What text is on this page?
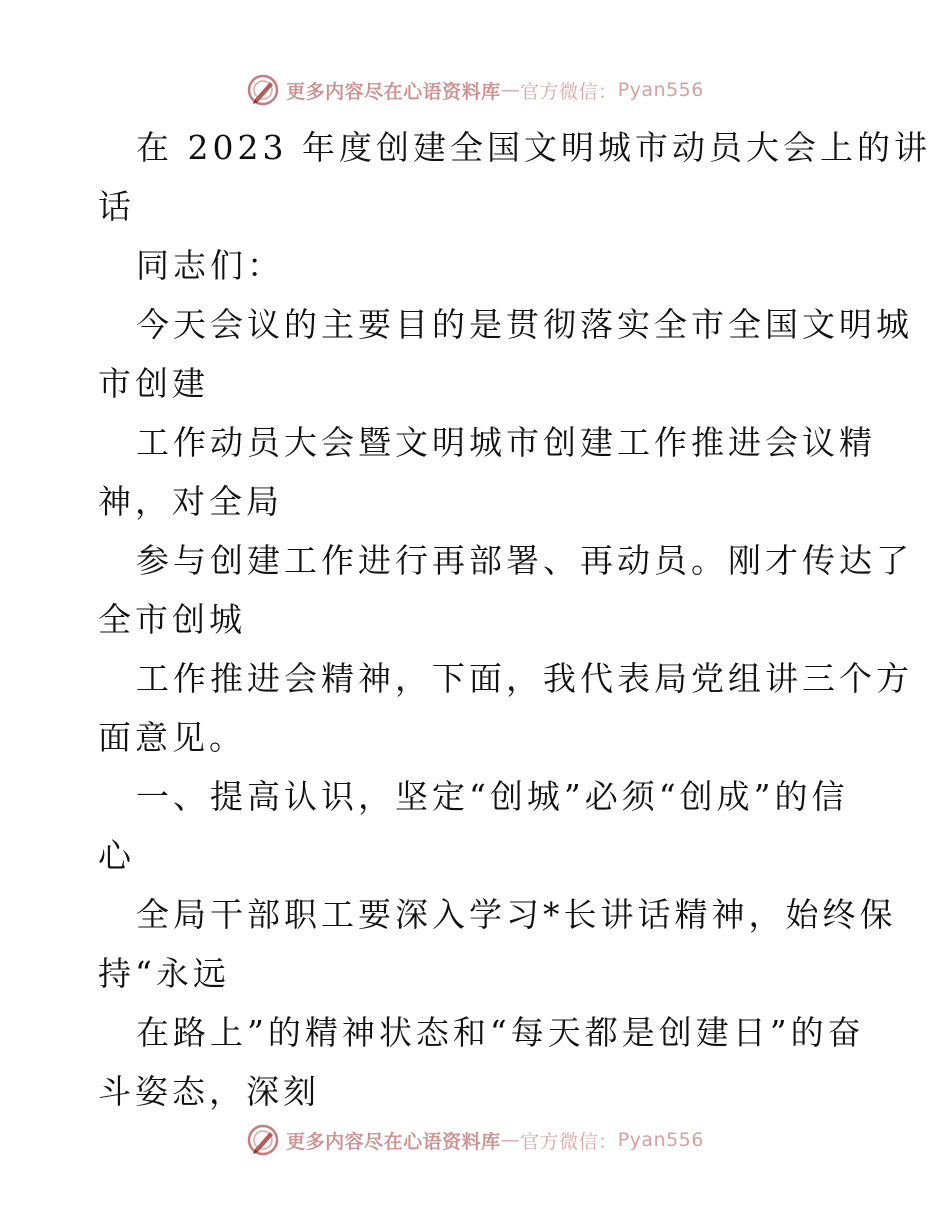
更多内容尽在心语资料库 — 官方微信： Pyan556

在 2023 年度创建全国文明城市动员大会上的讲

话

同志们：

今天会议的主要目的是贯彻落实全市全国文明城

市创建

工作动员大会暨文明城市创建工作推进会议精

神，对全局

参与创建工作进行再部署、再动员。刚才传达了

全市创城

工作推进会精神，下面，我代表局党组讲三个方

面意见。

一、提高认识，坚定“创城”必须“创成”的信

心

全局干部职工要深入学习*长讲话精神，始终保

持“永远

在路上”的精神状态和“每天都是创建日”的奋

斗姿态，深刻

更多内容尽在心语资料库 — 官方微信： Pyan556
